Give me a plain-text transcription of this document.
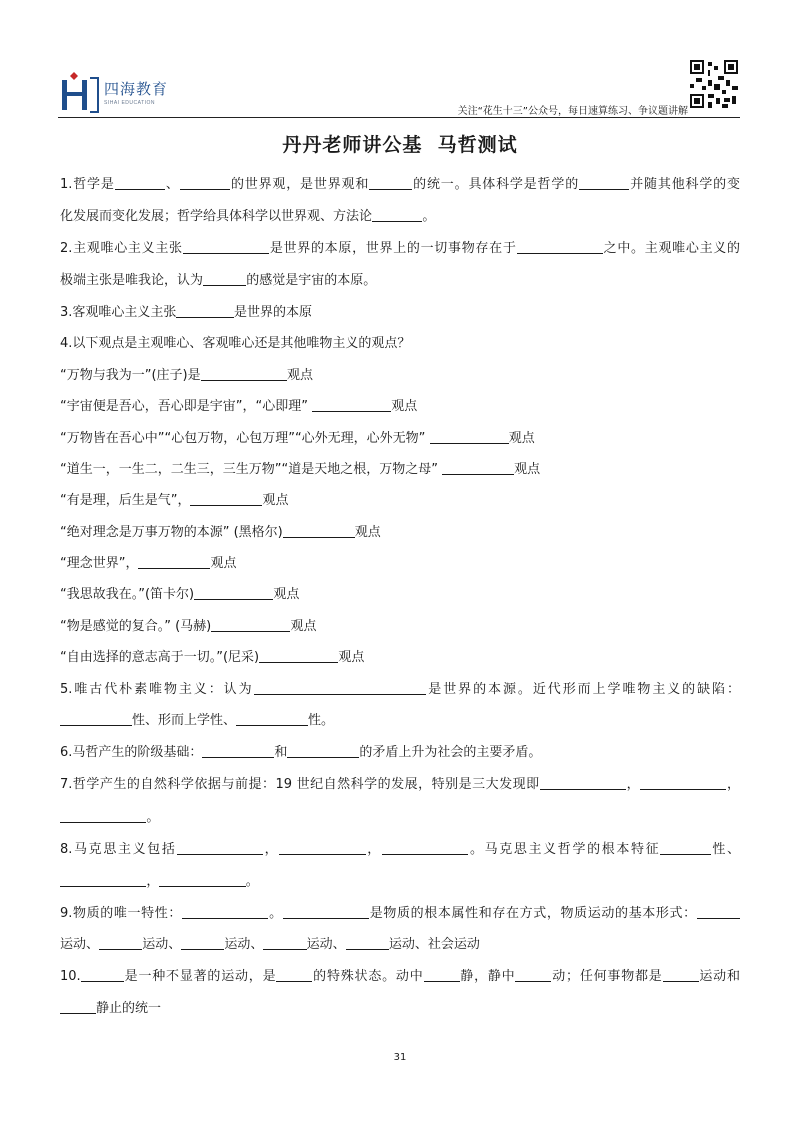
四海教育
SIHAI EDUCATION
关注“花生十三”公众号，每日速算练习、争议题讲解
丹丹老师讲公基  马哲测试
1.哲学是	、	的世界观，是世界观和	的统一。具体科学是哲学的	并随其他科学的变
化发展而变化发展；哲学给具体科学以世界观、方法论	。
2.主观唯心主义主张	是世界的本原，世界上的一切事物存在于	之中。主观唯心主义的
极端主张是唯我论，认为	的感觉是宇宙的本原。
3.客观唯心主义主张	是世界的本原
4.以下观点是主观唯心、客观唯心还是其他唯物主义的观点？
“万物与我为一”(庄子)是	观点
“宇宙便是吾心，吾心即是宇宙”，“心即理”	观点
“万物皆在吾心中”“心包万物，心包万理”“心外无理，心外无物”	观点
“道生一，一生二，二生三，三生万物”“道是天地之根，万物之母”	观点
“有是理，后生是气”，	观点
“绝对理念是万事万物的本源” (黑格尔)	观点
“理念世界”，	观点
“我思故我在。”(笛卡尔)	观点
“物是感觉的复合。” (马赫)	观点
“自由选择的意志高于一切。”(尼采)	观点
5.唯古代朴素唯物主义：认为	是世界的本源。近代形而上学唯物主义的缺陷：
性、形而上学性、	性。
6.马哲产生的阶级基础：	和	的矛盾上升为社会的主要矛盾。
7.哲学产生的自然科学依据与前提：19 世纪自然科学的发展，特别是三大发现即	，	，
。
8.马克思主义包括	，	，	。马克思主义哲学的根本特征	性、
，	。
9.物质的唯一特性：	。	是物质的根本属性和存在方式，物质运动的基本形式：
运动、	运动、	运动、	运动、	运动、社会运动
10.	是一种不显著的运动，是	的特殊状态。动中	静，静中	动；任何事物都是	运动和
静止的统一
31
